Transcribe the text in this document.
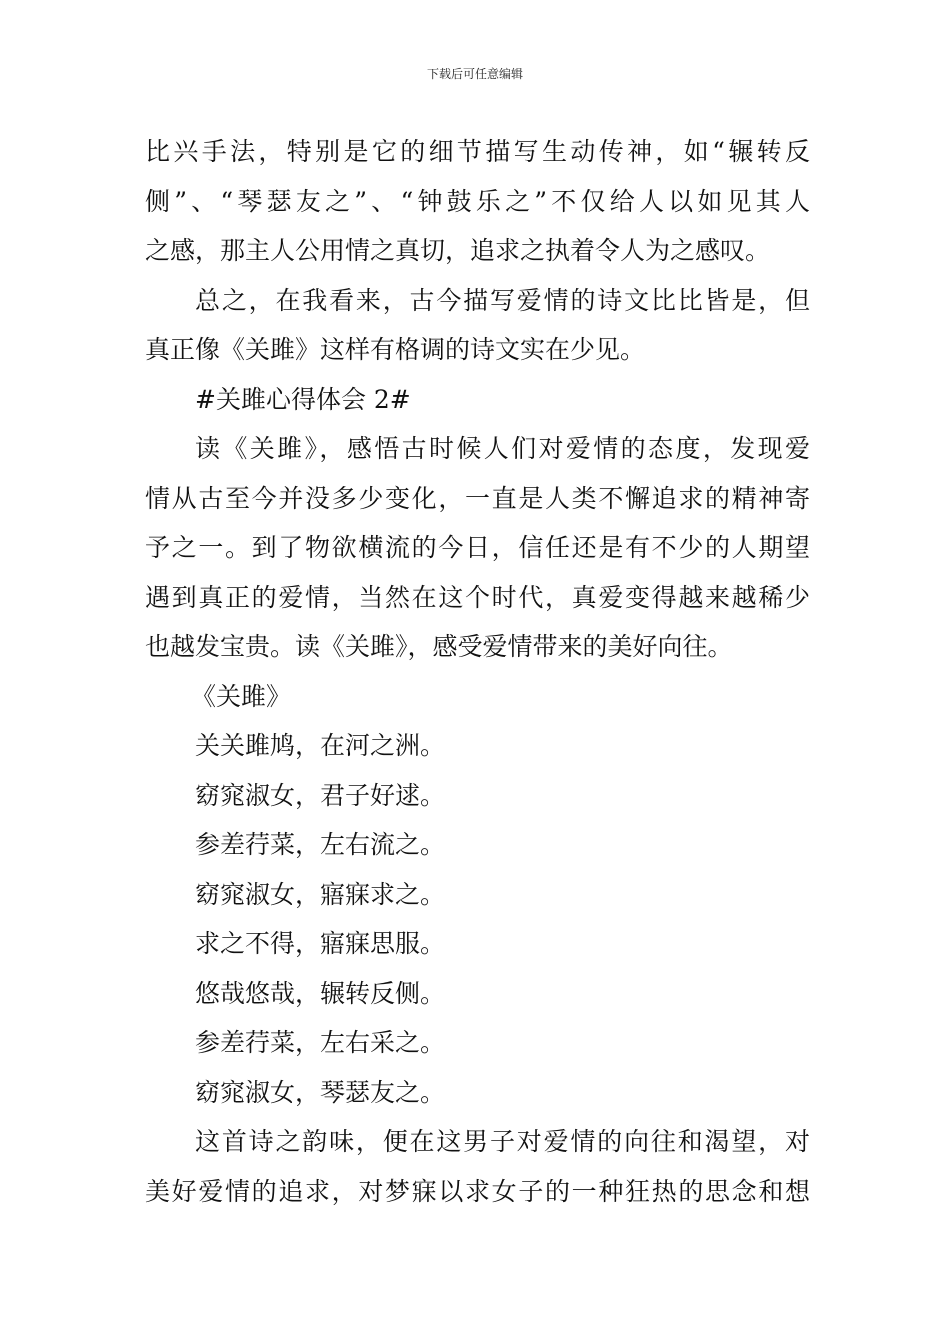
下载后可任意编辑
比兴手法，特别是它的细节描写生动传神，如“辗转反
侧”、“琴瑟友之”、“钟鼓乐之”不仅给人以如见其人
之感，那主人公用情之真切，追求之执着令人为之感叹。
总之，在我看来，古今描写爱情的诗文比比皆是，但
真正像《关雎》这样有格调的诗文实在少见。
#关雎心得体会 2#
读《关雎》，感悟古时候人们对爱情的态度，发现爱
情从古至今并没多少变化，一直是人类不懈追求的精神寄
予之一。到了物欲横流的今日，信任还是有不少的人期望
遇到真正的爱情，当然在这个时代，真爱变得越来越稀少
也越发宝贵。读《关雎》，感受爱情带来的美好向往。
《关雎》
关关雎鸠，在河之洲。
窈窕淑女，君子好逑。
参差荇菜，左右流之。
窈窕淑女，寤寐求之。
求之不得，寤寐思服。
悠哉悠哉，辗转反侧。
参差荇菜，左右采之。
窈窕淑女，琴瑟友之。
这首诗之韵味，便在这男子对爱情的向往和渴望，对
美好爱情的追求，对梦寐以求女子的一种狂热的思念和想
